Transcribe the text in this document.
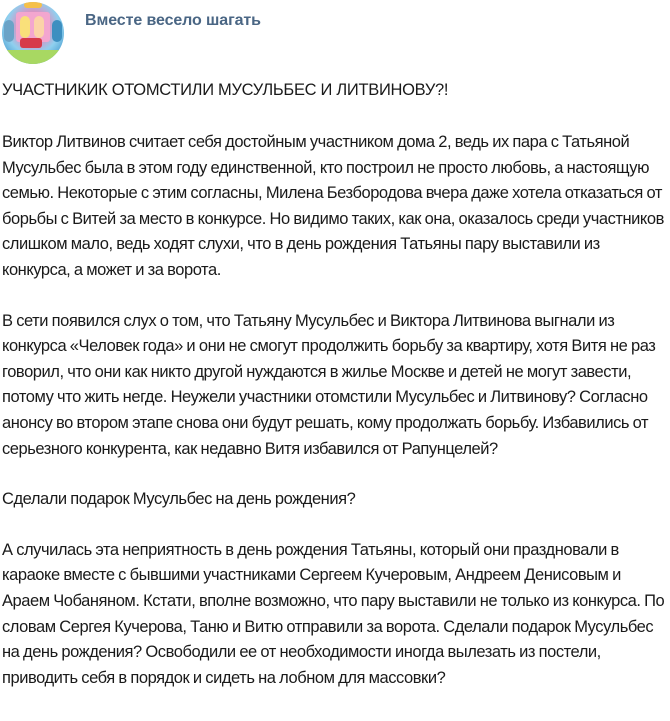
Вместе весело шагать
УЧАСТНИКИК ОТОМСТИЛИ МУСУЛЬБЕС И ЛИТВИНОВУ?!

Виктор Литвинов считает себя достойным участником дома 2, ведь их пара с Татьяной Мусульбес была в этом году единственной, кто построил не просто любовь, а настоящую семью. Некоторые с этим согласны, Милена Безбородова вчера даже хотела отказаться от борьбы с Витей за место в конкурсе. Но видимо таких, как она, оказалось среди участников слишком мало, ведь ходят слухи, что в день рождения Татьяны пару выставили из конкурса, а может и за ворота.

В сети появился слух о том, что Татьяну Мусульбес и Виктора Литвинова выгнали из конкурса «Человек года» и они не смогут продолжить борьбу за квартиру, хотя Витя не раз говорил, что они как никто другой нуждаются в жилье Москве и детей не могут завести, потому что жить негде. Неужели участники отомстили Мусульбес и Литвинову? Согласно анонсу во втором этапе снова они будут решать, кому продолжать борьбу. Избавились от серьезного конкурента, как недавно Витя избавился от Рапунцелей?

Сделали подарок Мусульбес на день рождения?

А случилась эта неприятность в день рождения Татьяны, который они праздновали в караоке вместе с бывшими участниками Сергеем Кучеровым, Андреем Денисовым и Араем Чобаняном. Кстати, вполне возможно, что пару выставили не только из конкурса. По словам Сергея Кучерова, Таню и Витю отправили за ворота. Сделали подарок Мусульбес на день рождения? Освободили ее от необходимости иногда вылезать из постели, приводить себя в порядок и сидеть на лобном для массовки?
